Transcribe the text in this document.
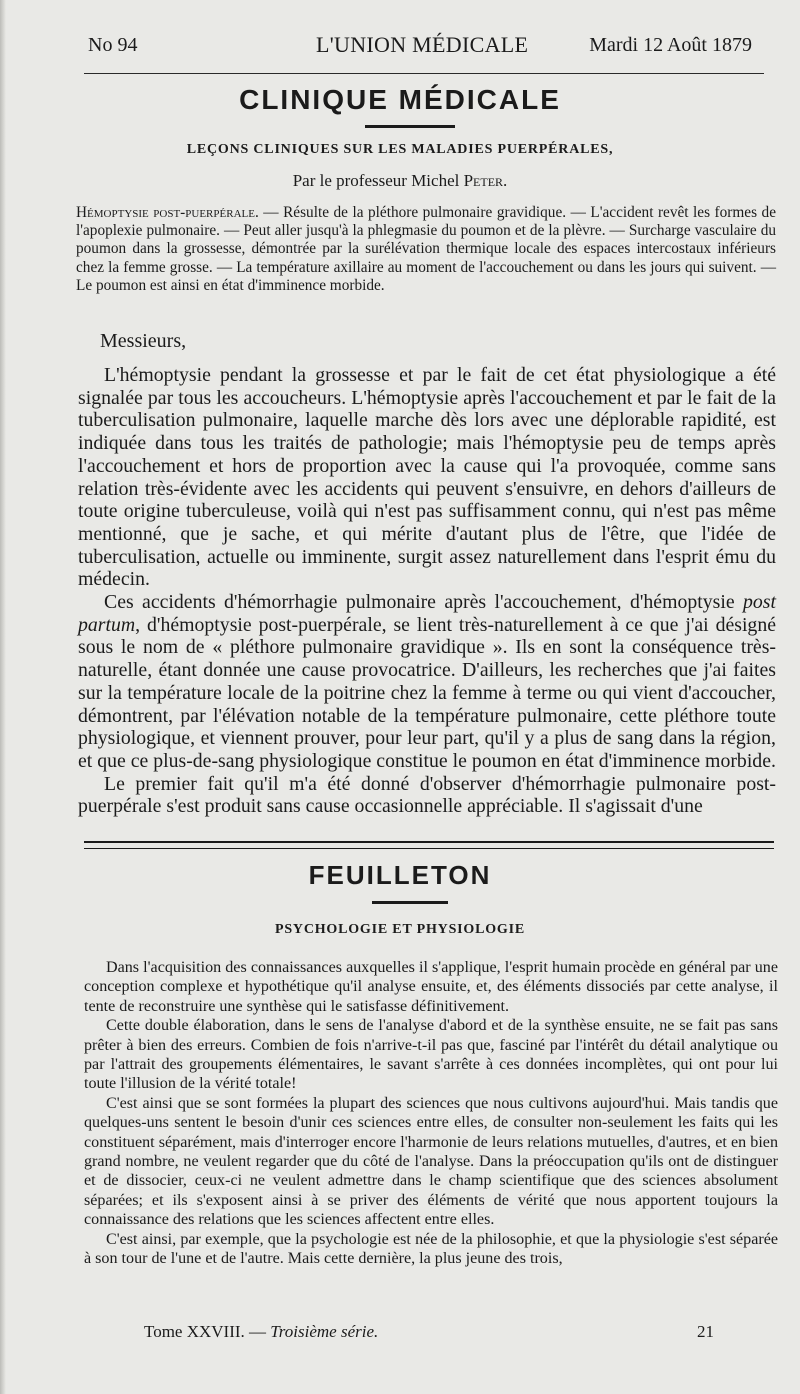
No 94	L'UNION MÉDICALE	Mardi 12 Août 1879
CLINIQUE MÉDICALE
LEÇONS CLINIQUES SUR LES MALADIES PUERPÉRALES,
Par le professeur Michel Peter.
Hémoptysie post-puerpérale. — Résulte de la pléthore pulmonaire gravidique. — L'accident revêt les formes de l'apoplexie pulmonaire. — Peut aller jusqu'à la phlegmasie du poumon et de la plèvre. — Surcharge vasculaire du poumon dans la grossesse, démontrée par la surélévation thermique locale des espaces intercostaux inférieurs chez la femme grosse. — La température axillaire au moment de l'accouchement ou dans les jours qui suivent. — Le poumon est ainsi en état d'imminence morbide.
Messieurs,

L'hémoptysie pendant la grossesse et par le fait de cet état physiologique a été signalée par tous les accoucheurs. L'hémoptysie après l'accouchement et par le fait de la tuberculisation pulmonaire, laquelle marche dès lors avec une déplorable rapidité, est indiquée dans tous les traités de pathologie; mais l'hémoptysie peu de temps après l'accouchement et hors de proportion avec la cause qui l'a provoquée, comme sans relation très-évidente avec les accidents qui peuvent s'ensuivre, en dehors d'ailleurs de toute origine tuberculeuse, voilà qui n'est pas suffisamment connu, qui n'est pas même mentionné, que je sache, et qui mérite d'autant plus de l'être, que l'idée de tuberculisation, actuelle ou imminente, surgit assez naturellement dans l'esprit ému du médecin.

Ces accidents d'hémorrhagie pulmonaire après l'accouchement, d'hémoptysie post partum, d'hémoptysie post-puerpérale, se lient très-naturellement à ce que j'ai désigné sous le nom de « pléthore pulmonaire gravidique ». Ils en sont la conséquence très-naturelle, étant donnée une cause provocatrice. D'ailleurs, les recherches que j'ai faites sur la température locale de la poitrine chez la femme à terme ou qui vient d'accoucher, démontrent, par l'élévation notable de la température pulmonaire, cette pléthore toute physiologique, et viennent prouver, pour leur part, qu'il y a plus de sang dans la région, et que ce plus-de-sang physiologique constitue le poumon en état d'imminence morbide.

Le premier fait qu'il m'a été donné d'observer d'hémorrhagie pulmonaire post-puerpérale s'est produit sans cause occasionnelle appréciable. Il s'agissait d'une

FEUILLETON
PSYCHOLOGIE ET PHYSIOLOGIE

Dans l'acquisition des connaissances auxquelles il s'applique, l'esprit humain procède en général par une conception complexe et hypothétique qu'il analyse ensuite, et, des éléments dissociés par cette analyse, il tente de reconstruire une synthèse qui le satisfasse définitivement.

Cette double élaboration, dans le sens de l'analyse d'abord et de la synthèse ensuite, ne se fait pas sans prêter à bien des erreurs. Combien de fois n'arrive-t-il pas que, fasciné par l'intérêt du détail analytique ou par l'attrait des groupements élémentaires, le savant s'arrête à ces données incomplètes, qui ont pour lui toute l'illusion de la vérité totale!

C'est ainsi que se sont formées la plupart des sciences que nous cultivons aujourd'hui. Mais tandis que quelques-uns sentent le besoin d'unir ces sciences entre elles, de consulter non-seulement les faits qui les constituent séparément, mais d'interroger encore l'harmonie de leurs relations mutuelles, d'autres, et en bien grand nombre, ne veulent regarder que du côté de l'analyse. Dans la préoccupation qu'ils ont de distinguer et de dissocier, ceux-ci ne veulent admettre dans le champ scientifique que des sciences absolument séparées; et ils s'exposent ainsi à se priver des éléments de vérité que nous apportent toujours la connaissance des relations que les sciences affectent entre elles.

C'est ainsi, par exemple, que la psychologie est née de la philosophie, et que la physiologie s'est séparée à son tour de l'une et de l'autre. Mais cette dernière, la plus jeune des trois,

Tome XXVIII. — Troisième série.	21
